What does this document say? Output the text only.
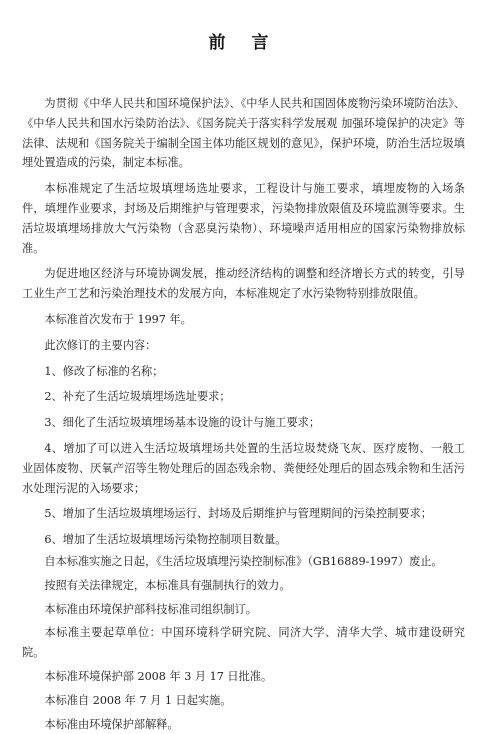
前 言

为贯彻《中华人民共和国环境保护法》、《中华人民共和国固体废物污染环境防治法》、《中华人民共和国水污染防治法》、《国务院关于落实科学发展观 加强环境保护的决定》等法律、法规和《国务院关于编制全国主体功能区规划的意见》，保护环境，防治生活垃圾填埋处置造成的污染，制定本标准。

本标准规定了生活垃圾填埋场选址要求，工程设计与施工要求，填埋废物的入场条件，填埋作业要求，封场及后期维护与管理要求，污染物排放限值及环境监测等要求。生活垃圾填埋场排放大气污染物（含恶臭污染物）、环境噪声适用相应的国家污染物排放标准。

为促进地区经济与环境协调发展，推动经济结构的调整和经济增长方式的转变，引导工业生产工艺和污染治理技术的发展方向，本标准规定了水污染物特别排放限值。

本标准首次发布于 1997 年。

此次修订的主要内容：

1、修改了标准的名称；

2、补充了生活垃圾填埋场选址要求；

3、细化了生活垃圾填埋场基本设施的设计与施工要求；

4、增加了可以进入生活垃圾填埋场共处置的生活垃圾焚烧飞灰、医疗废物、一般工业固体废物、厌氧产沼等生物处理后的固态残余物、粪便经处理后的固态残余物和生活污水处理污泥的入场要求；

5、增加了生活垃圾填埋场运行、封场及后期维护与管理期间的污染控制要求；

6、增加了生活垃圾填埋场污染物控制项目数量。

自本标准实施之日起，《生活垃圾填埋污染控制标准》（GB16889-1997）废止。

按照有关法律规定，本标准具有强制执行的效力。

本标准由环境保护部科技标准司组织制订。

本标准主要起草单位：中国环境科学研究院、同济大学、清华大学、城市建设研究院。

本标准环境保护部 2008 年 3 月 17 日批准。

本标准自 2008 年 7 月 1 日起实施。

本标准由环境保护部解释。
